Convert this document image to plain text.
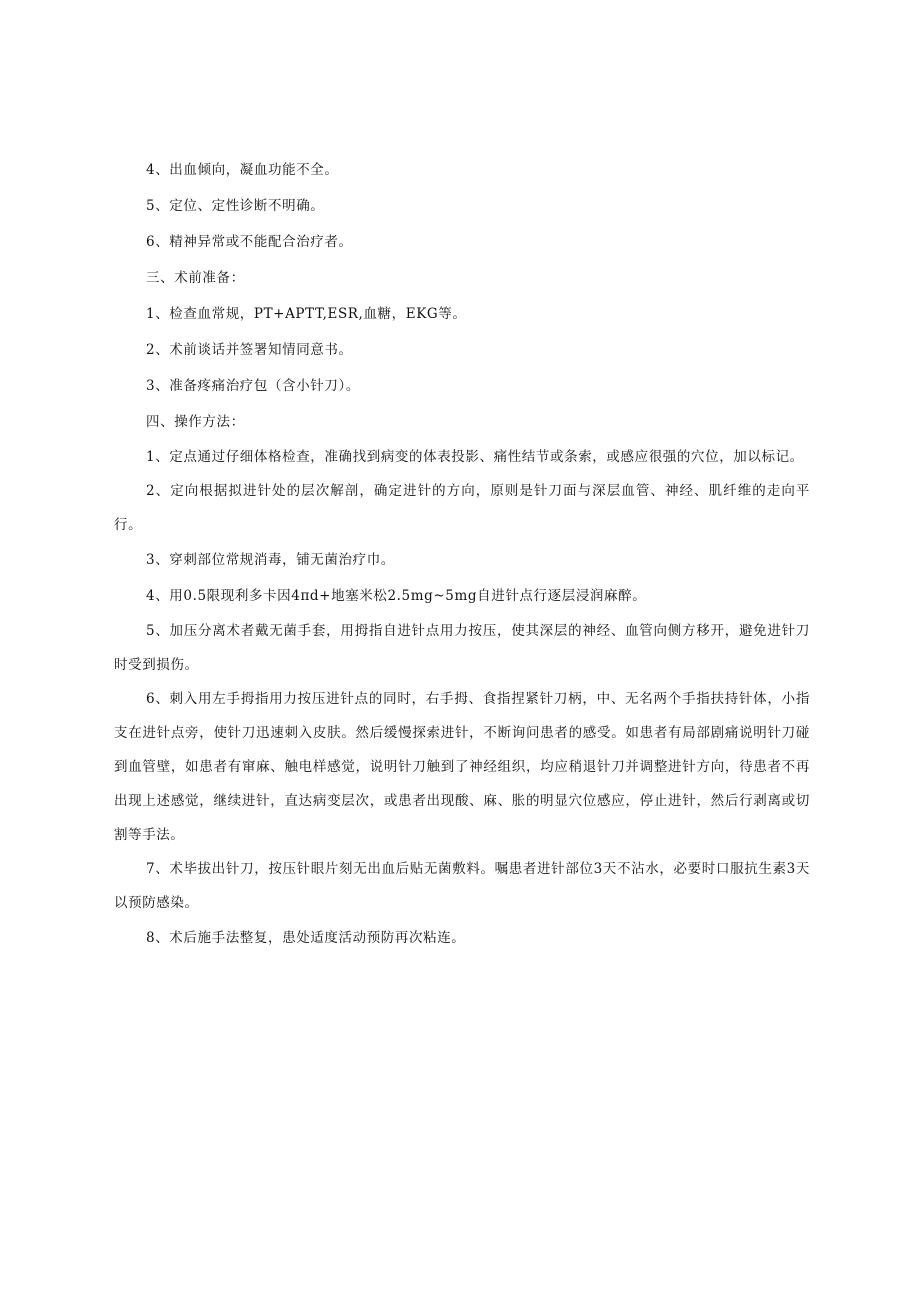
4、出血倾向，凝血功能不全。

5、定位、定性诊断不明确。

6、精神异常或不能配合治疗者。

三、术前准备：

1、检查血常规，PT+APTT,ESR,血糖，EKG等。

2、术前谈话并签署知情同意书。

3、准备疼痛治疗包（含小针刀）。

四、操作方法：

1、定点通过仔细体格检查，准确找到病变的体表投影、痛性结节或条索，或感应很强的穴位，加以标记。

2、定向根据拟进针处的层次解剖，确定进针的方向，原则是针刀面与深层血管、神经、肌纤维的走向平行。

3、穿刺部位常规消毒，铺无菌治疗巾。

4、用0.5限现利多卡因4πd+地塞米松2.5mg~5mg自进针点行逐层浸润麻醉。

5、加压分离术者戴无菌手套，用拇指自进针点用力按压，使其深层的神经、血管向侧方移开，避免进针刀时受到损伤。

6、刺入用左手拇指用力按压进针点的同时，右手拇、食指捏紧针刀柄，中、无名两个手指扶持针体，小指支在进针点旁，使针刀迅速刺入皮肤。然后缓慢探索进针，不断询问患者的感受。如患者有局部剧痛说明针刀碰到血管壁，如患者有窜麻、触电样感觉，说明针刀触到了神经组织，均应稍退针刀并调整进针方向，待患者不再出现上述感觉，继续进针，直达病变层次，或患者出现酸、麻、胀的明显穴位感应，停止进针，然后行剥离或切割等手法。

7、术毕拔出针刀，按压针眼片刻无出血后贴无菌敷料。嘱患者进针部位3天不沾水，必要时口服抗生素3天以预防感染。

8、术后施手法整复，患处适度活动预防再次粘连。
